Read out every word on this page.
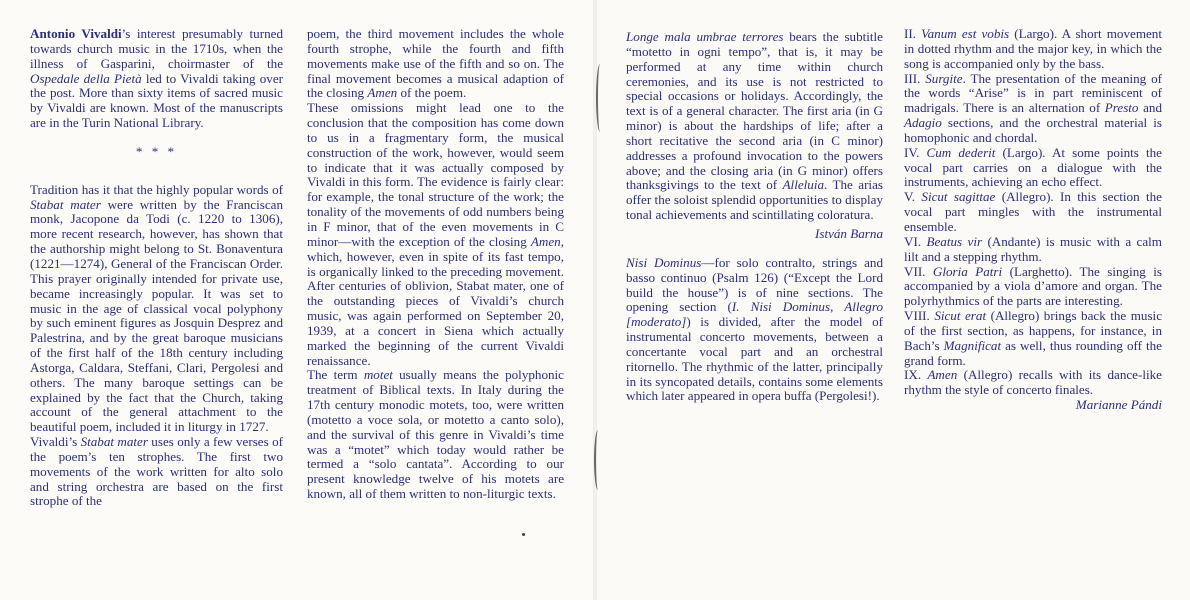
Antonio Vivaldi’s interest presumably turned towards church music in the 1710s, when the illness of Gasparini, choirmaster of the Ospedale della Pietà led to Vivaldi taking over the post. More than sixty items of sacred music by Vivaldi are known. Most of the manuscripts are in the Turin National Library.

* * *

Tradition has it that the highly popular words of Stabat mater were written by the Franciscan monk, Jacopone da Todi (c. 1220 to 1306), more recent research, however, has shown that the authorship might belong to St. Bonaventura (1221—1274), General of the Franciscan Order. This prayer originally intended for private use, became increasingly popular. It was set to music in the age of classical vocal polyphony by such eminent figures as Josquin Desprez and Palestrina, and by the great baroque musicians of the first half of the 18th century including Astorga, Caldara, Steffani, Clari, Pergolesi and others. The many baroque settings can be explained by the fact that the Church, taking account of the general attachment to the beautiful poem, included it in liturgy in 1727.

Vivaldi’s Stabat mater uses only a few verses of the poem’s ten strophes. The first two movements of the work written for alto solo and string orchestra are based on the first strophe of the

poem, the third movement includes the whole fourth strophe, while the fourth and fifth movements make use of the fifth and so on. The final movement becomes a musical adaption of the closing Amen of the poem.

These omissions might lead one to the conclusion that the composition has come down to us in a fragmentary form, the musical construction of the work, however, would seem to indicate that it was actually composed by Vivaldi in this form. The evidence is fairly clear: for example, the tonal structure of the work; the tonality of the movements of odd numbers being in F minor, that of the even movements in C minor—with the exception of the closing Amen, which, however, even in spite of its fast tempo, is organically linked to the preceding movement. After centuries of oblivion, Stabat mater, one of the outstanding pieces of Vivaldi’s church music, was again performed on September 20, 1939, at a concert in Siena which actually marked the beginning of the current Vivaldi renaissance.

The term motet usually means the polyphonic treatment of Biblical texts. In Italy during the 17th century monodic motets, too, were written (motetto a voce sola, or motetto a canto solo), and the survival of this genre in Vivaldi’s time was a “motet” which today would rather be termed a “solo cantata”. According to our present knowledge twelve of his motets are known, all of them written to non-liturgic texts.

Longe mala umbrae terrores bears the subtitle “motetto in ogni tempo”, that is, it may be performed at any time within church ceremonies, and its use is not restricted to special occasions or holidays. Accordingly, the text is of a general character. The first aria (in G minor) is about the hardships of life; after a short recitative the second aria (in C minor) addresses a profound invocation to the powers above; and the closing aria (in G minor) offers thanksgivings to the text of Alleluia. The arias offer the soloist splendid opportunities to display tonal achievements and scintillating coloratura.

István Barna

Nisi Dominus—for solo contralto, strings and basso continuo (Psalm 126) (“Except the Lord build the house”) is of nine sections. The opening section (I. Nisi Dominus, Allegro [moderato]) is divided, after the model of instrumental concerto movements, between a concertante vocal part and an orchestral ritornello. The rhythmic of the latter, principally in its syncopated details, contains some elements which later appeared in opera buffa (Pergolesi!).

II. Vanum est vobis (Largo). A short movement in dotted rhythm and the major key, in which the song is accompanied only by the bass.

III. Surgite. The presentation of the meaning of the words “Arise” is in part reminiscent of madrigals. There is an alternation of Presto and Adagio sections, and the orchestral material is homophonic and chordal.

IV. Cum dederit (Largo). At some points the vocal part carries on a dialogue with the instruments, achieving an echo effect.

V. Sicut sagittae (Allegro). In this section the vocal part mingles with the instrumental ensemble.

VI. Beatus vir (Andante) is music with a calm lilt and a stepping rhythm.

VII. Gloria Patri (Larghetto). The singing is accompanied by a viola d’amore and organ. The polyrhythmics of the parts are interesting.

VIII. Sicut erat (Allegro) brings back the music of the first section, as happens, for instance, in Bach’s Magnificat as well, thus rounding off the grand form.

IX. Amen (Allegro) recalls with its dance-like rhythm the style of concerto finales.

Marianne Pándi
